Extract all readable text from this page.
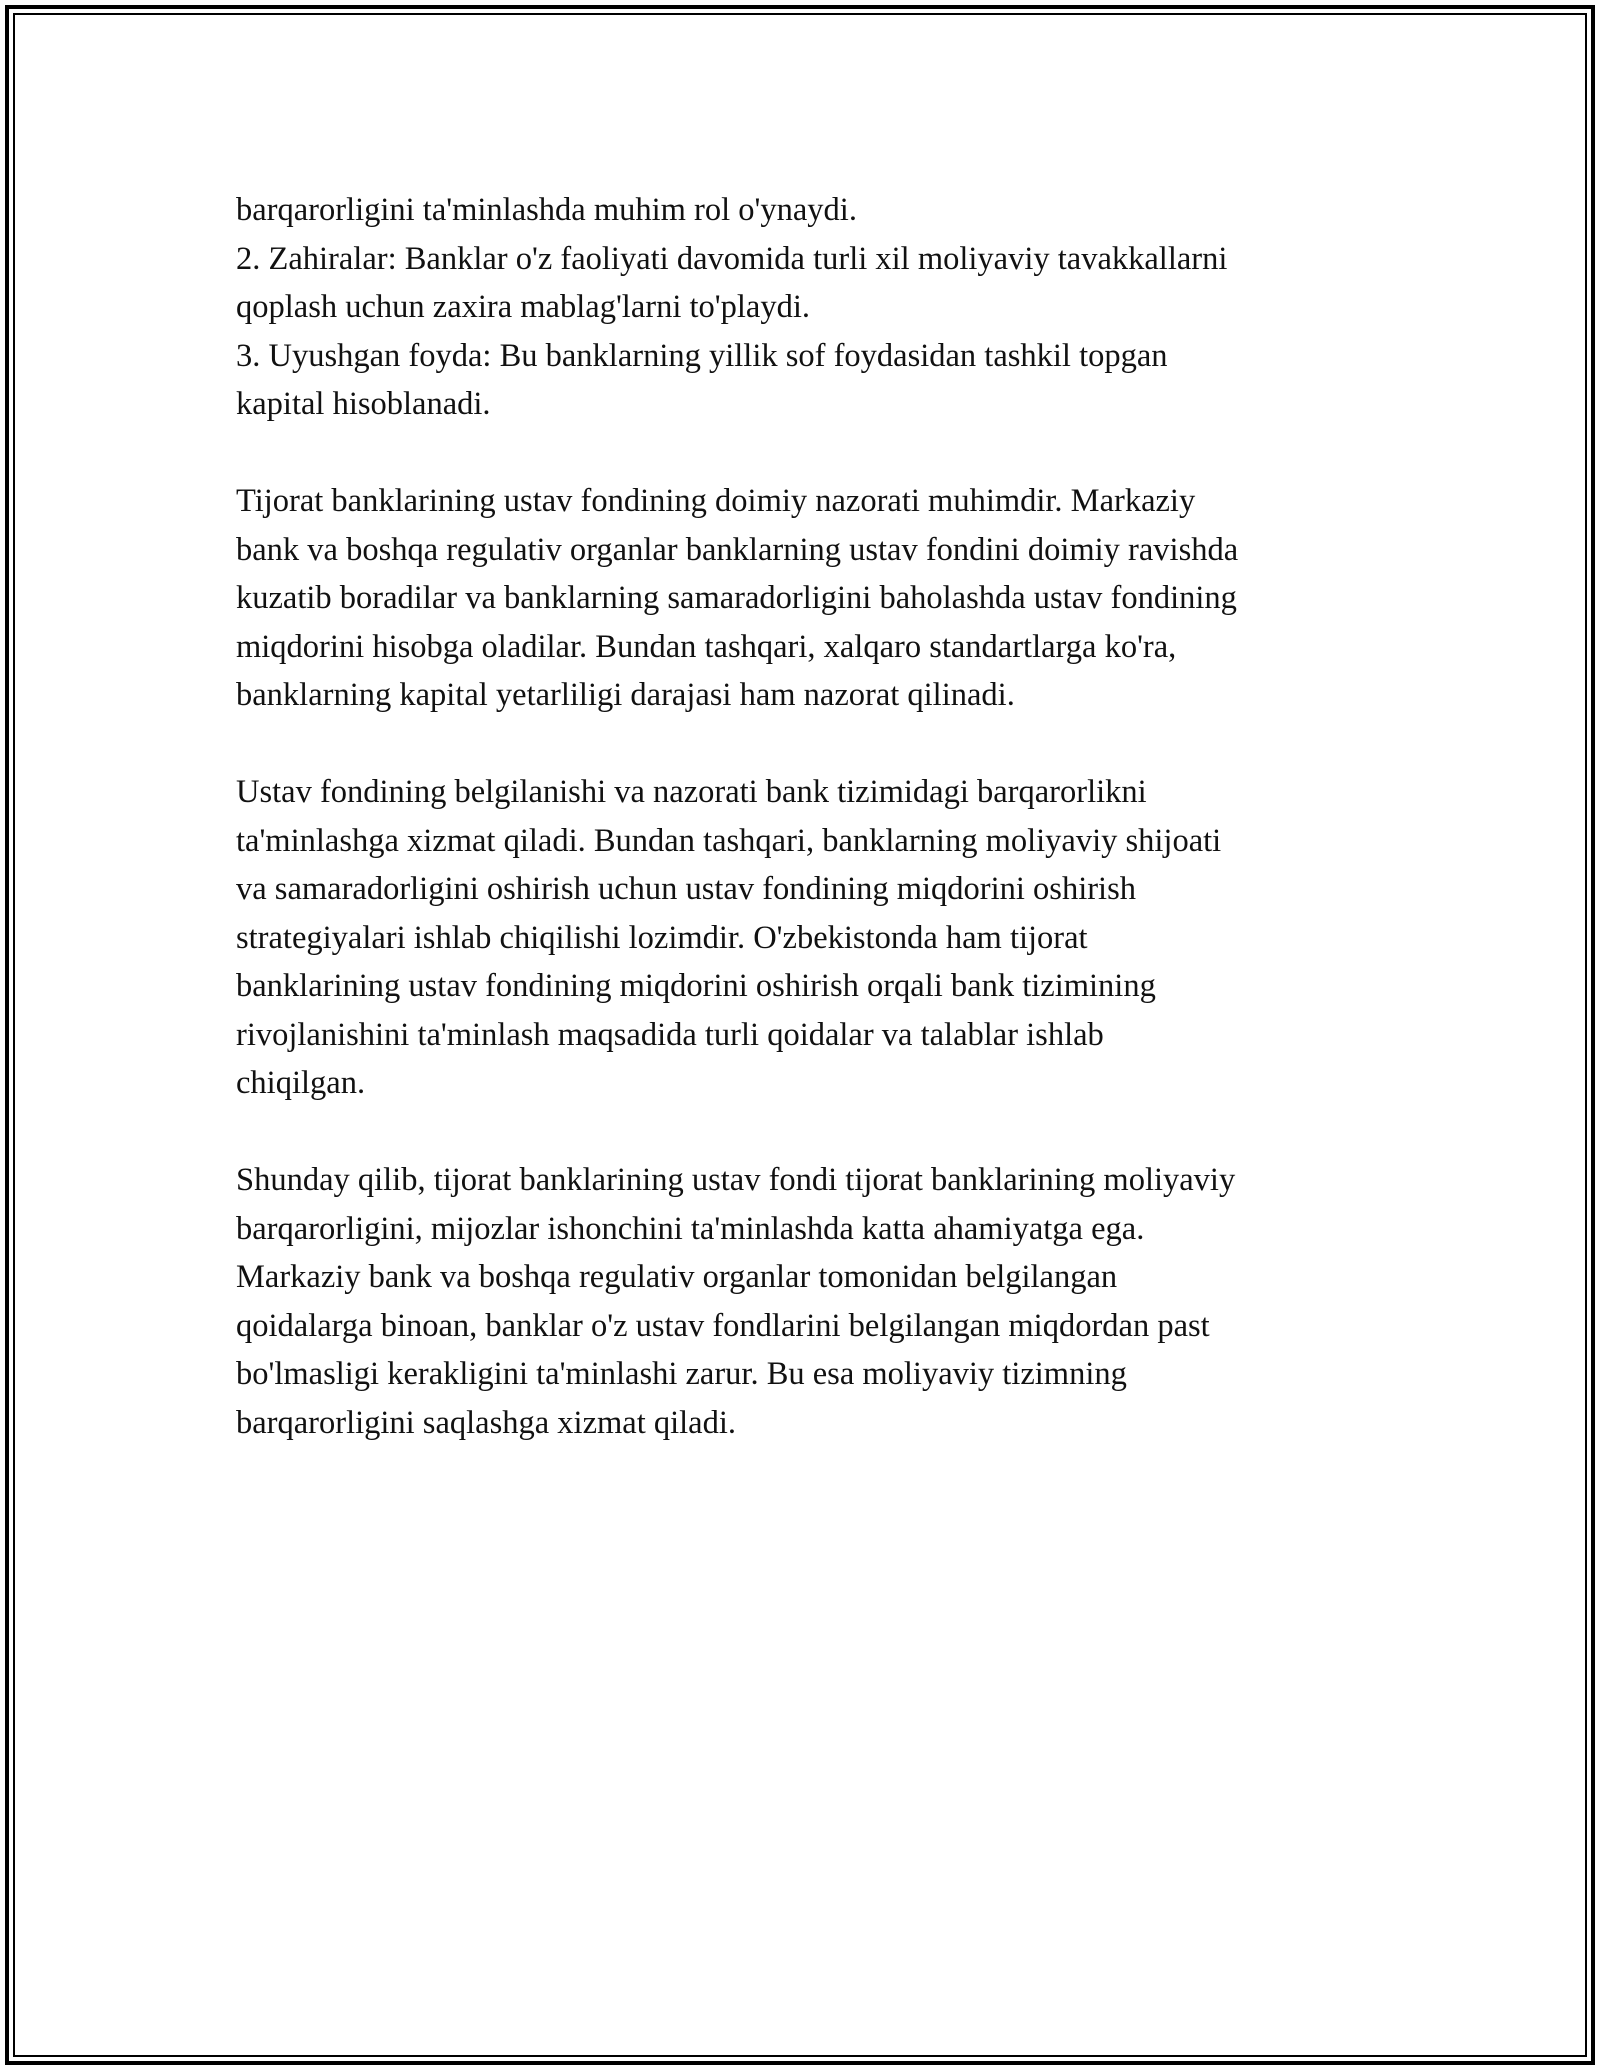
barqarorligini ta'minlashda muhim rol o'ynaydi.
2. Zahiralar: Banklar o'z faoliyati davomida turli xil moliyaviy tavakkallarni
qoplash uchun zaxira mablag'larni to'playdi.
3. Uyushgan foyda: Bu banklarning yillik sof foydasidan tashkil topgan
kapital hisoblanadi.
Tijorat banklarining ustav fondining doimiy nazorati muhimdir. Markaziy
bank va boshqa regulativ organlar banklarning ustav fondini doimiy ravishda
kuzatib boradilar va banklarning samaradorligini baholashda ustav fondining
miqdorini hisobga oladilar. Bundan tashqari, xalqaro standartlarga ko'ra,
banklarning kapital yetarliligi darajasi ham nazorat qilinadi.
Ustav fondining belgilanishi va nazorati bank tizimidagi barqarorlikni
ta'minlashga xizmat qiladi. Bundan tashqari, banklarning moliyaviy shijoati
va samaradorligini oshirish uchun ustav fondining miqdorini oshirish
strategiyalari ishlab chiqilishi lozimdir. O'zbekistonda ham tijorat
banklarining ustav fondining miqdorini oshirish orqali bank tizimining
rivojlanishini ta'minlash maqsadida turli qoidalar va talablar ishlab
chiqilgan.
Shunday qilib, tijorat banklarining ustav fondi tijorat banklarining moliyaviy
barqarorligini, mijozlar ishonchini ta'minlashda katta ahamiyatga ega.
Markaziy bank va boshqa regulativ organlar tomonidan belgilangan
qoidalarga binoan, banklar o'z ustav fondlarini belgilangan miqdordan past
bo'lmasligi kerakligini ta'minlashi zarur. Bu esa moliyaviy tizimning
barqarorligini saqlashga xizmat qiladi.
